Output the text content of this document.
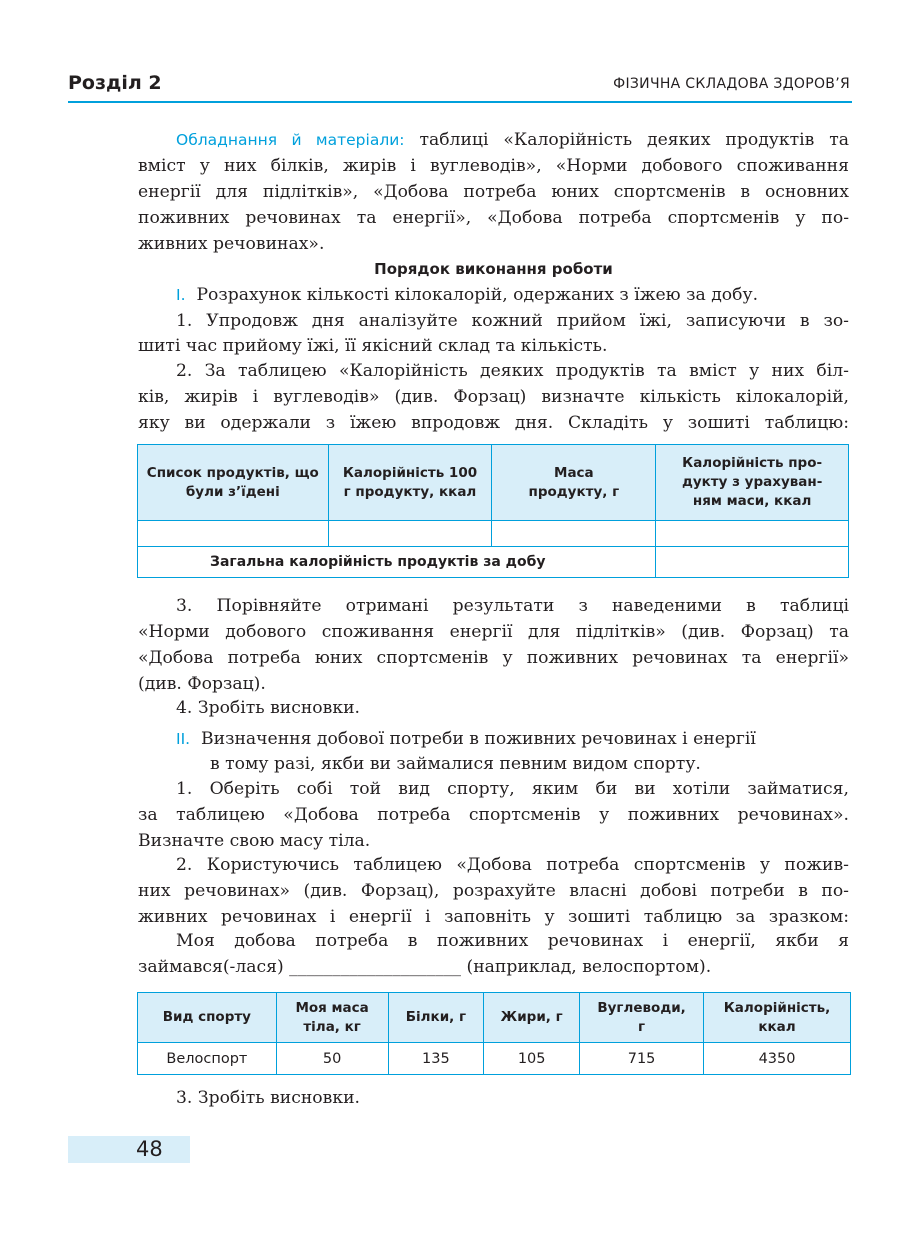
Розділ 2	ФІЗИЧНА СКЛАДОВА ЗДОРОВ’Я
Обладнання й матеріали: таблиці «Калорійність деяких продуктів та
вміст у них білків, жирів і вуглеводів», «Норми добового споживання
енергії для підлітків», «Добова потреба юних спортсменів в основних
поживних речовинах та енергії», «Добова потреба спортсменів у по-
живних речовинах».
Порядок виконання роботи
I. Розрахунок кількості кілокалорій, одержаних з їжею за добу.
1. Упродовж дня аналізуйте кожний прийом їжі, записуючи в зо-
шиті час прийому їжі, її якісний склад та кількість.
2. За таблицею «Калорійність деяких продуктів та вміст у них біл-
ків, жирів і вуглеводів» (див. Форзац) визначте кількість кілокалорій,
яку ви одержали з їжею впродовж дня. Складіть у зошиті таблицю:
Список продуктів, що були з’їдені	Калорійність 100 г продукту, ккал	Маса продукту, г	Калорійність про-дукту з урахуван-ням маси, ккал

Загальна калорійність продуктів за добу			
3. Порівняйте отримані результати з наведеними в таблиці
«Норми добового споживання енергії для підлітків» (див. Форзац) та
«Добова потреба юних спортсменів у поживних речовинах та енергії»
(див. Форзац).
4. Зробіть висновки.
II. Визначення добової потреби в поживних речовинах і енергії
в тому разі, якби ви займалися певним видом спорту.
1. Оберіть собі той вид спорту, яким би ви хотіли займатися,
за таблицею «Добова потреба спортсменів у поживних речовинах».
Визначте свою масу тіла.
2. Користуючись таблицею «Добова потреба спортсменів у пожив-
них речовинах» (див. Форзац), розрахуйте власні добові потреби в по-
живних речовинах і енергії і заповніть у зошиті таблицю за зразком:
Моя добова потреба в поживних речовинах і енергії, якби я
займався(-лася) ____________________ (наприклад, велоспортом).
Вид спорту	Моя маса тіла, кг	Білки, г	Жири, г	Вуглеводи, г	Калорійність, ккал

Велоспорт	50	135	105	715	4350
3. Зробіть висновки.
48
